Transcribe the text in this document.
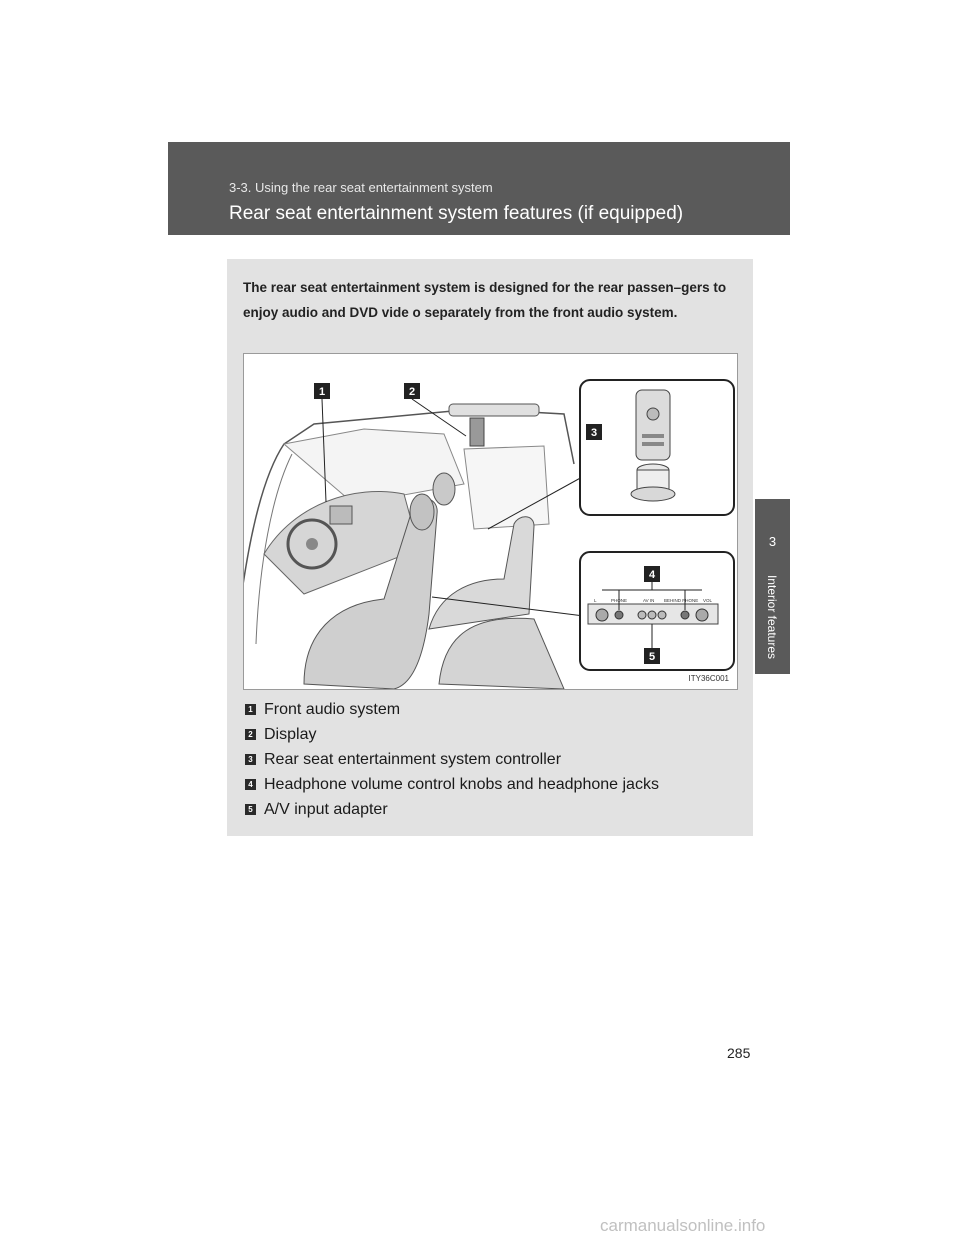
3-3. Using the rear seat entertainment system
Rear seat entertainment system features (if equipped)
3
Interior features
The rear seat entertainment system is designed for the rear passen–gers to enjoy audio and DVD vide o separately from the front audio system.
L	PHONE	AV IN BEHIND PHONE VOL
1	2
3
4
5
ITY36C001
1 Front audio system
2 Display
3 Rear seat entertainment system controller
4 Headphone volume control knobs and headphone jacks
5 A/V input adapter
285
carmanualsonline.info
